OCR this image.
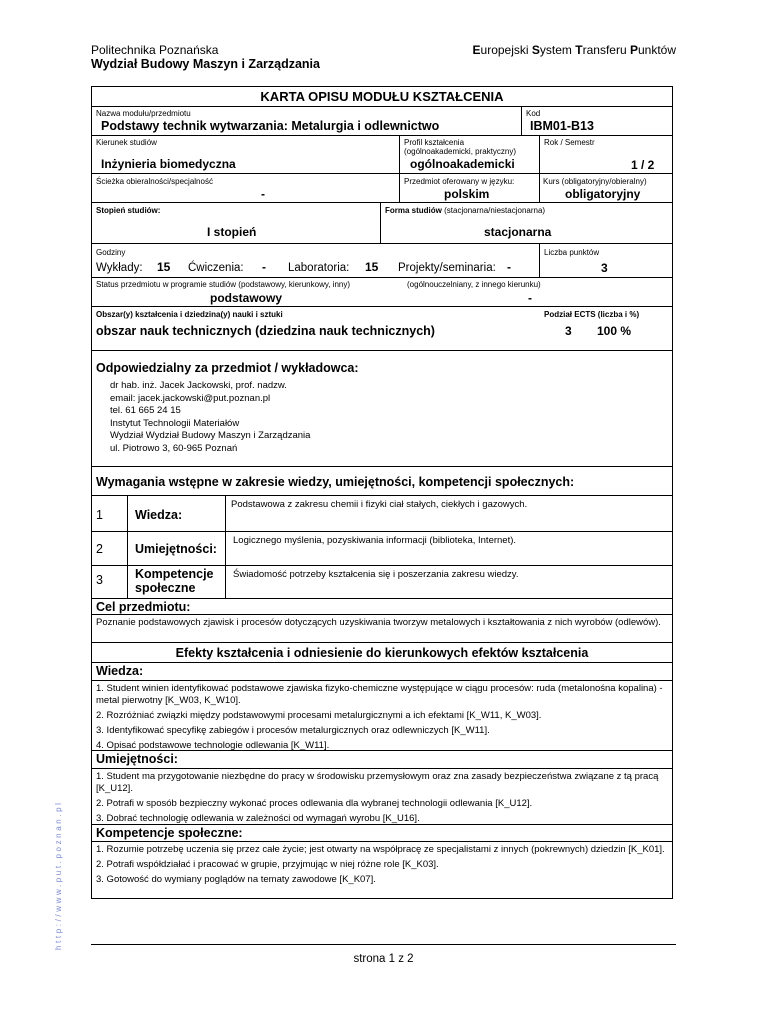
Politechnika Poznańska
Wydział Budowy Maszyn i Zarządzania
Europejski System Transferu Punktów
KARTA OPISU MODUŁU KSZTAŁCENIA
Nazwa modułu/przedmiotu
Podstawy technik wytwarzania: Metalurgia i odlewnictwo
Kod
IBM01-B13
Kierunek studiów
Inżynieria biomedyczna
Profil kształcenia
(ogólnoakademicki, praktyczny)
ogólnoakademicki
Rok / Semestr
1 / 2
Ścieżka obieralności/specjalność
-
Przedmiot oferowany w języku:
polskim
Kurs (obligatoryjny/obieralny)
obligatoryjny
Stopień studiów:
I stopień
Forma studiów (stacjonarna/niestacjonarna)
stacjonarna
Godziny
Wykłady: 15 Ćwiczenia: - Laboratoria: 15 Projekty/seminaria: -
Liczba punktów
3
Status przedmiotu w programie studiów (podstawowy, kierunkowy, inny)	(ogólnouczelniany, z innego kierunku)
podstawowy	-
Obszar(y) kształcenia i dziedzina(y) nauki i sztuki	Podział ECTS (liczba i %)
obszar nauk technicznych (dziedzina nauk technicznych)	3 100 %
Odpowiedzialny za przedmiot / wykładowca:
dr hab. inż. Jacek Jackowski, prof. nadzw.
email: jacek.jackowski@put.poznan.pl
tel. 61 665 24 15
Instytut Technologii Materiałów
Wydział Wydział Budowy Maszyn i Zarządzania
ul. Piotrowo 3, 60-965 Poznań
Wymagania wstępne w zakresie wiedzy, umiejętności, kompetencji społecznych:
1	Wiedza:
Podstawowa z zakresu chemii i fizyki ciał stałych, ciekłych i gazowych.
2	Umiejętności:
Logicznego myślenia, pozyskiwania informacji (biblioteka, Internet).
3	Kompetencje
społeczne
Świadomość potrzeby kształcenia się i poszerzania zakresu wiedzy.
Cel przedmiotu:
Poznanie podstawowych zjawisk i procesów dotyczących uzyskiwania tworzyw metalowych i kształtowania z nich wyrobów (odlewów).
Efekty kształcenia i odniesienie do kierunkowych efektów kształcenia
Wiedza:
1. Student winien identyfikować podstawowe zjawiska fizyko-chemiczne występujące w ciągu procesów: ruda (metalonośna kopalina) - metal pierwotny [K_W03, K_W10].
2. Rozróżniać związki między podstawowymi procesami metalurgicznymi a ich efektami [K_W11, K_W03].
3. Identyfikować specyfikę zabiegów i procesów metalurgicznych oraz odlewniczych [K_W11].
4. Opisać podstawowe technologie odlewania [K_W11].
Umiejętności:
1. Student ma przygotowanie niezbędne do pracy w środowisku przemysłowym oraz zna zasady bezpieczeństwa związane z tą pracą [K_U12].
2. Potrafi w sposób bezpieczny wykonać proces odlewania dla wybranej technologii odlewania [K_U12].
3. Dobrać technologię odlewania w zależności od wymagań wyrobu [K_U16].
Kompetencje społeczne:
1. Rozumie potrzebę uczenia się przez całe życie; jest otwarty na współpracę ze specjalistami z innych (pokrewnych) dziedzin [K_K01].
2. Potrafi współdziałać i pracować w grupie, przyjmując w niej różne role [K_K03].
3. Gotowość do wymiany poglądów na tematy zawodowe [K_K07].
http://www.put.poznan.pl
strona 1 z 2
